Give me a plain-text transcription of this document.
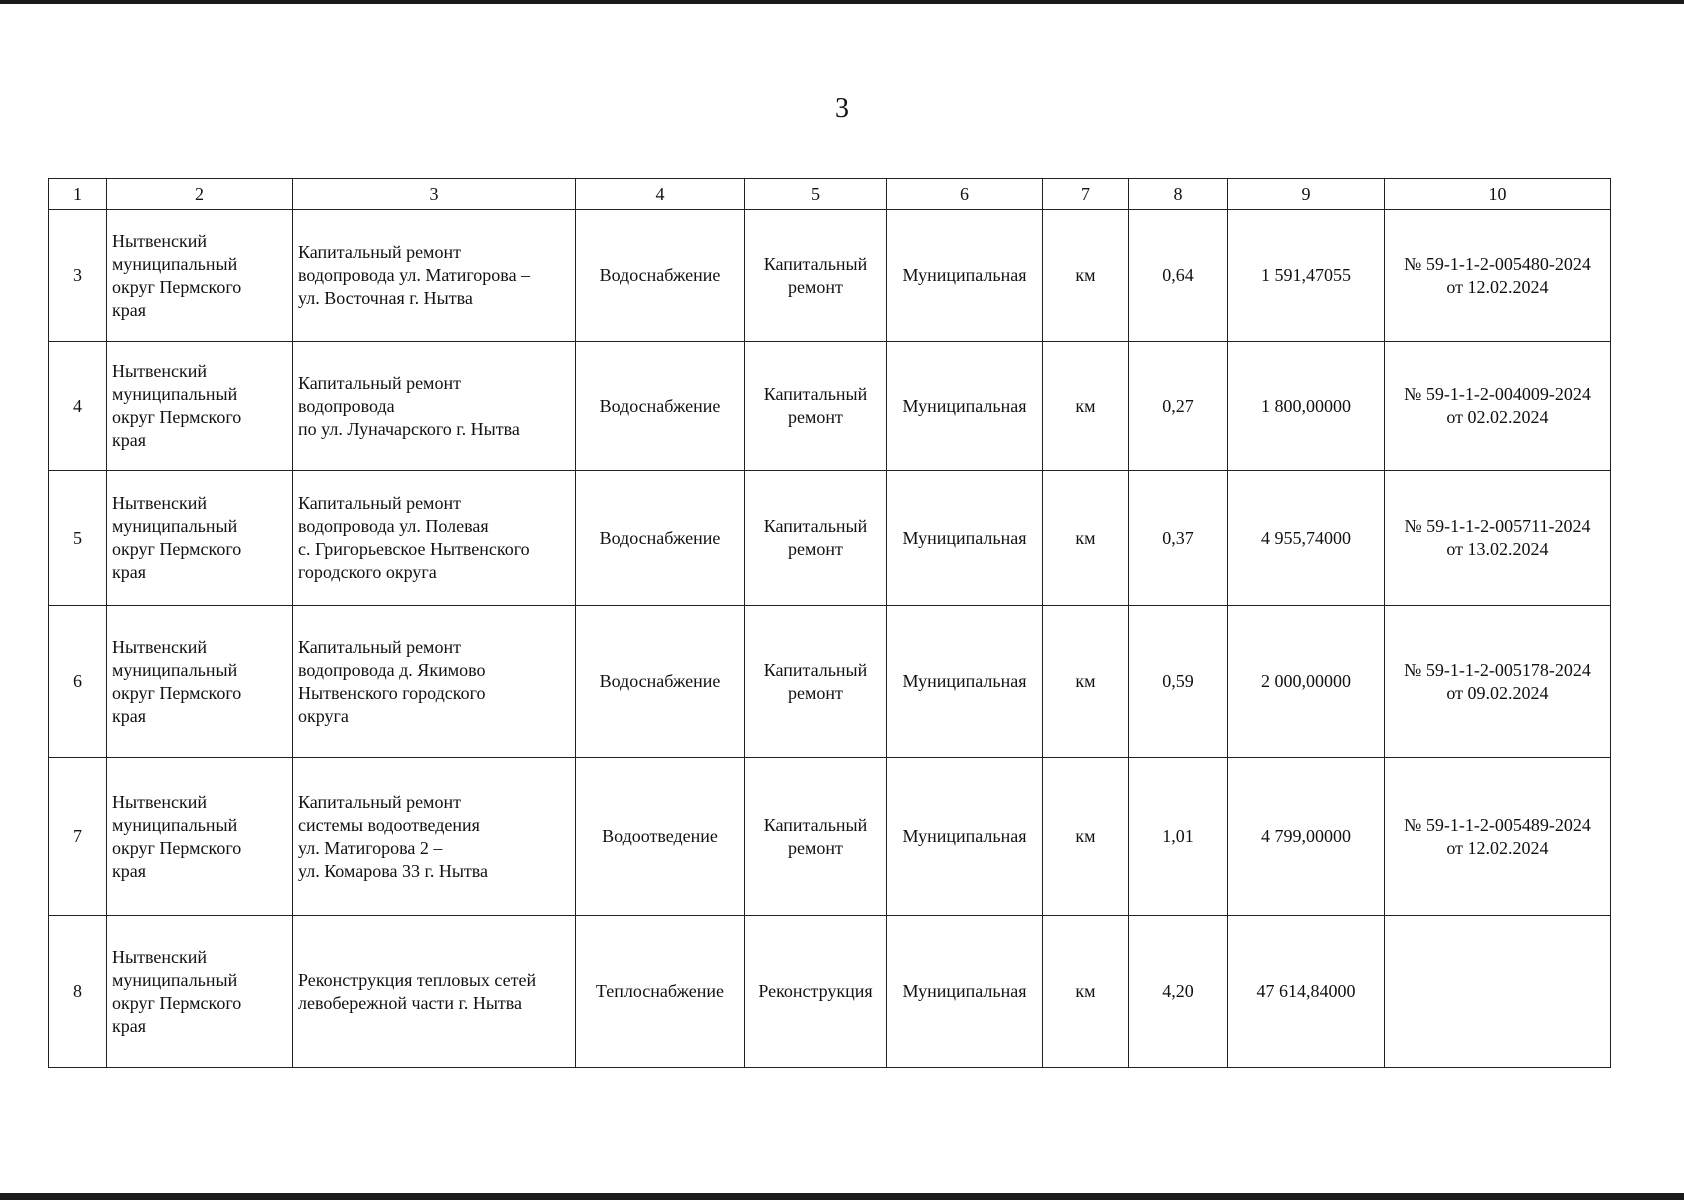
3
1	2	3	4	5	6	7	8	9	10
3	Нытвенский
муниципальный
округ Пермского
края	Капитальный ремонт
водопровода ул. Матигорова –
ул. Восточная г. Нытва	Водоснабжение	Капитальный
ремонт	Муниципальная	км	0,64	1 591,47055	№ 59-1-1-2-005480-2024
от 12.02.2024

4	Нытвенский
муниципальный
округ Пермского
края	Капитальный ремонт
водопровода
по ул. Луначарского г. Нытва	Водоснабжение	Капитальный
ремонт	Муниципальная	км	0,27	1 800,00000	№ 59-1-1-2-004009-2024
от 02.02.2024

5	Нытвенский
муниципальный
округ Пермского
края	Капитальный ремонт
водопровода ул. Полевая
с. Григорьевское Нытвенского
городского округа	Водоснабжение	Капитальный
ремонт	Муниципальная	км	0,37	4 955,74000	№ 59-1-1-2-005711-2024
от 13.02.2024

6	Нытвенский
муниципальный
округ Пермского
края	Капитальный ремонт
водопровода д. Якимово
Нытвенского городского
округа	Водоснабжение	Капитальный
ремонт	Муниципальная	км	0,59	2 000,00000	№ 59-1-1-2-005178-2024
от 09.02.2024

7	Нытвенский
муниципальный
округ Пермского
края	Капитальный ремонт
системы водоотведения
ул. Матигорова 2 –
ул. Комарова 33 г. Нытва	Водоотведение	Капитальный
ремонт	Муниципальная	км	1,01	4 799,00000	№ 59-1-1-2-005489-2024
от 12.02.2024

8	Нытвенский
муниципальный
округ Пермского
края	Реконструкция тепловых сетей
левобережной части г. Нытва	Теплоснабжение	Реконструкция	Муниципальная	км	4,20	47 614,84000	
